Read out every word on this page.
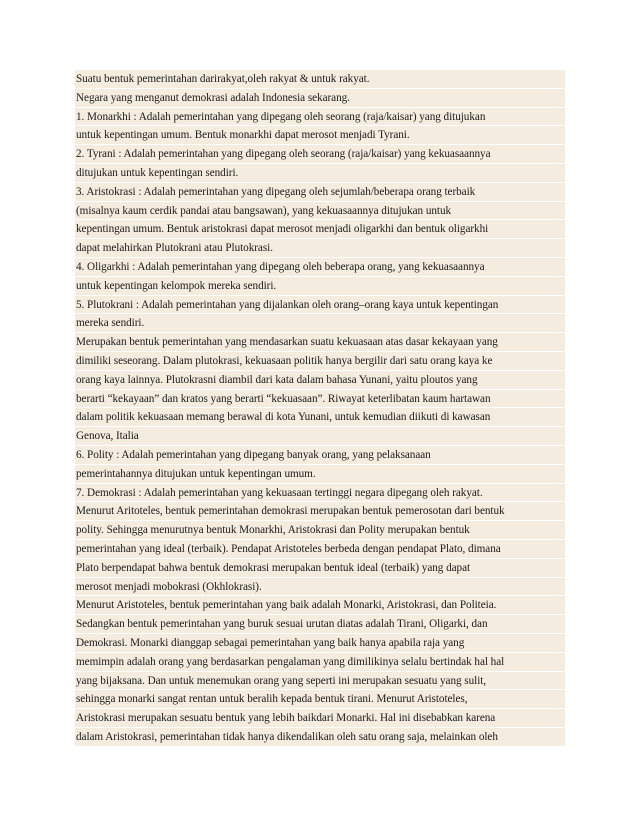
Suatu bentuk pemerintahan darirakyat,oleh rakyat & untuk rakyat.
Negara yang menganut demokrasi adalah Indonesia sekarang.
1. Monarkhi : Adalah pemerintahan yang dipegang oleh seorang (raja/kaisar) yang ditujukan
untuk kepentingan umum. Bentuk monarkhi dapat merosot menjadi Tyrani.
2. Tyrani : Adalah pemerintahan yang dipegang oleh seorang (raja/kaisar) yang kekuasaannya
ditujukan untuk kepentingan sendiri.
3. Aristokrasi : Adalah pemerintahan yang dipegang oleh sejumlah/beberapa orang terbaik
(misalnya kaum cerdik pandai atau bangsawan), yang kekuasaannya ditujukan untuk
kepentingan umum. Bentuk aristokrasi dapat merosot menjadi oligarkhi dan bentuk oligarkhi
dapat melahirkan Plutokrani atau Plutokrasi.
4. Oligarkhi : Adalah pemerintahan yang dipegang oleh beberapa orang, yang kekuasaannya
untuk kepentingan kelompok mereka sendiri.
5. Plutokrani : Adalah pemerintahan yang dijalankan oleh orang–orang kaya untuk kepentingan
mereka sendiri.
Merupakan bentuk pemerintahan yang mendasarkan suatu kekuasaan atas dasar kekayaan yang
dimiliki seseorang. Dalam plutokrasi, kekuasaan politik hanya bergilir dari satu orang kaya ke
orang kaya lainnya. Plutokrasni diambil dari kata dalam bahasa Yunani, yaitu ploutos yang
berarti “kekayaan” dan kratos yang berarti “kekuasaan”. Riwayat keterlibatan kaum hartawan
dalam politik kekuasaan memang berawal di kota Yunani, untuk kemudian diikuti di kawasan
Genova, Italia
6. Polity : Adalah pemerintahan yang dipegang banyak orang, yang pelaksanaan
pemerintahannya ditujukan untuk kepentingan umum.
7. Demokrasi : Adalah pemerintahan yang kekuasaan tertinggi negara dipegang oleh rakyat.
Menurut Aritoteles, bentuk pemerintahan demokrasi merupakan bentuk pemerosotan dari bentuk
polity. Sehingga menurutnya bentuk Monarkhi, Aristokrasi dan Polity merupakan bentuk
pemerintahan yang ideal (terbaik). Pendapat Aristoteles berbeda dengan pendapat Plato, dimana
Plato berpendapat bahwa bentuk demokrasi merupakan bentuk ideal (terbaik) yang dapat
merosot menjadi mobokrasi (Okhlokrasi).
Menurut Aristoteles, bentuk pemerintahan yang baik adalah Monarki, Aristokrasi, dan Politeia.
Sedangkan bentuk pemerintahan yang buruk sesuai urutan diatas adalah Tirani, Oligarki, dan
Demokrasi. Monarki dianggap sebagai pemerintahan yang baik hanya apabila raja yang
memimpin adalah orang yang berdasarkan pengalaman yang dimilikinya selalu bertindak hal hal
yang bijaksana. Dan untuk menemukan orang yang seperti ini merupakan sesuatu yang sulit,
sehingga monarki sangat rentan untuk beralih kepada bentuk tirani. Menurut Aristoteles,
Aristokrasi merupakan sesuatu bentuk yang lebih baikdari Monarki. Hal ini disebabkan karena
dalam Aristokrasi, pemerintahan tidak hanya dikendalikan oleh satu orang saja, melainkan oleh
